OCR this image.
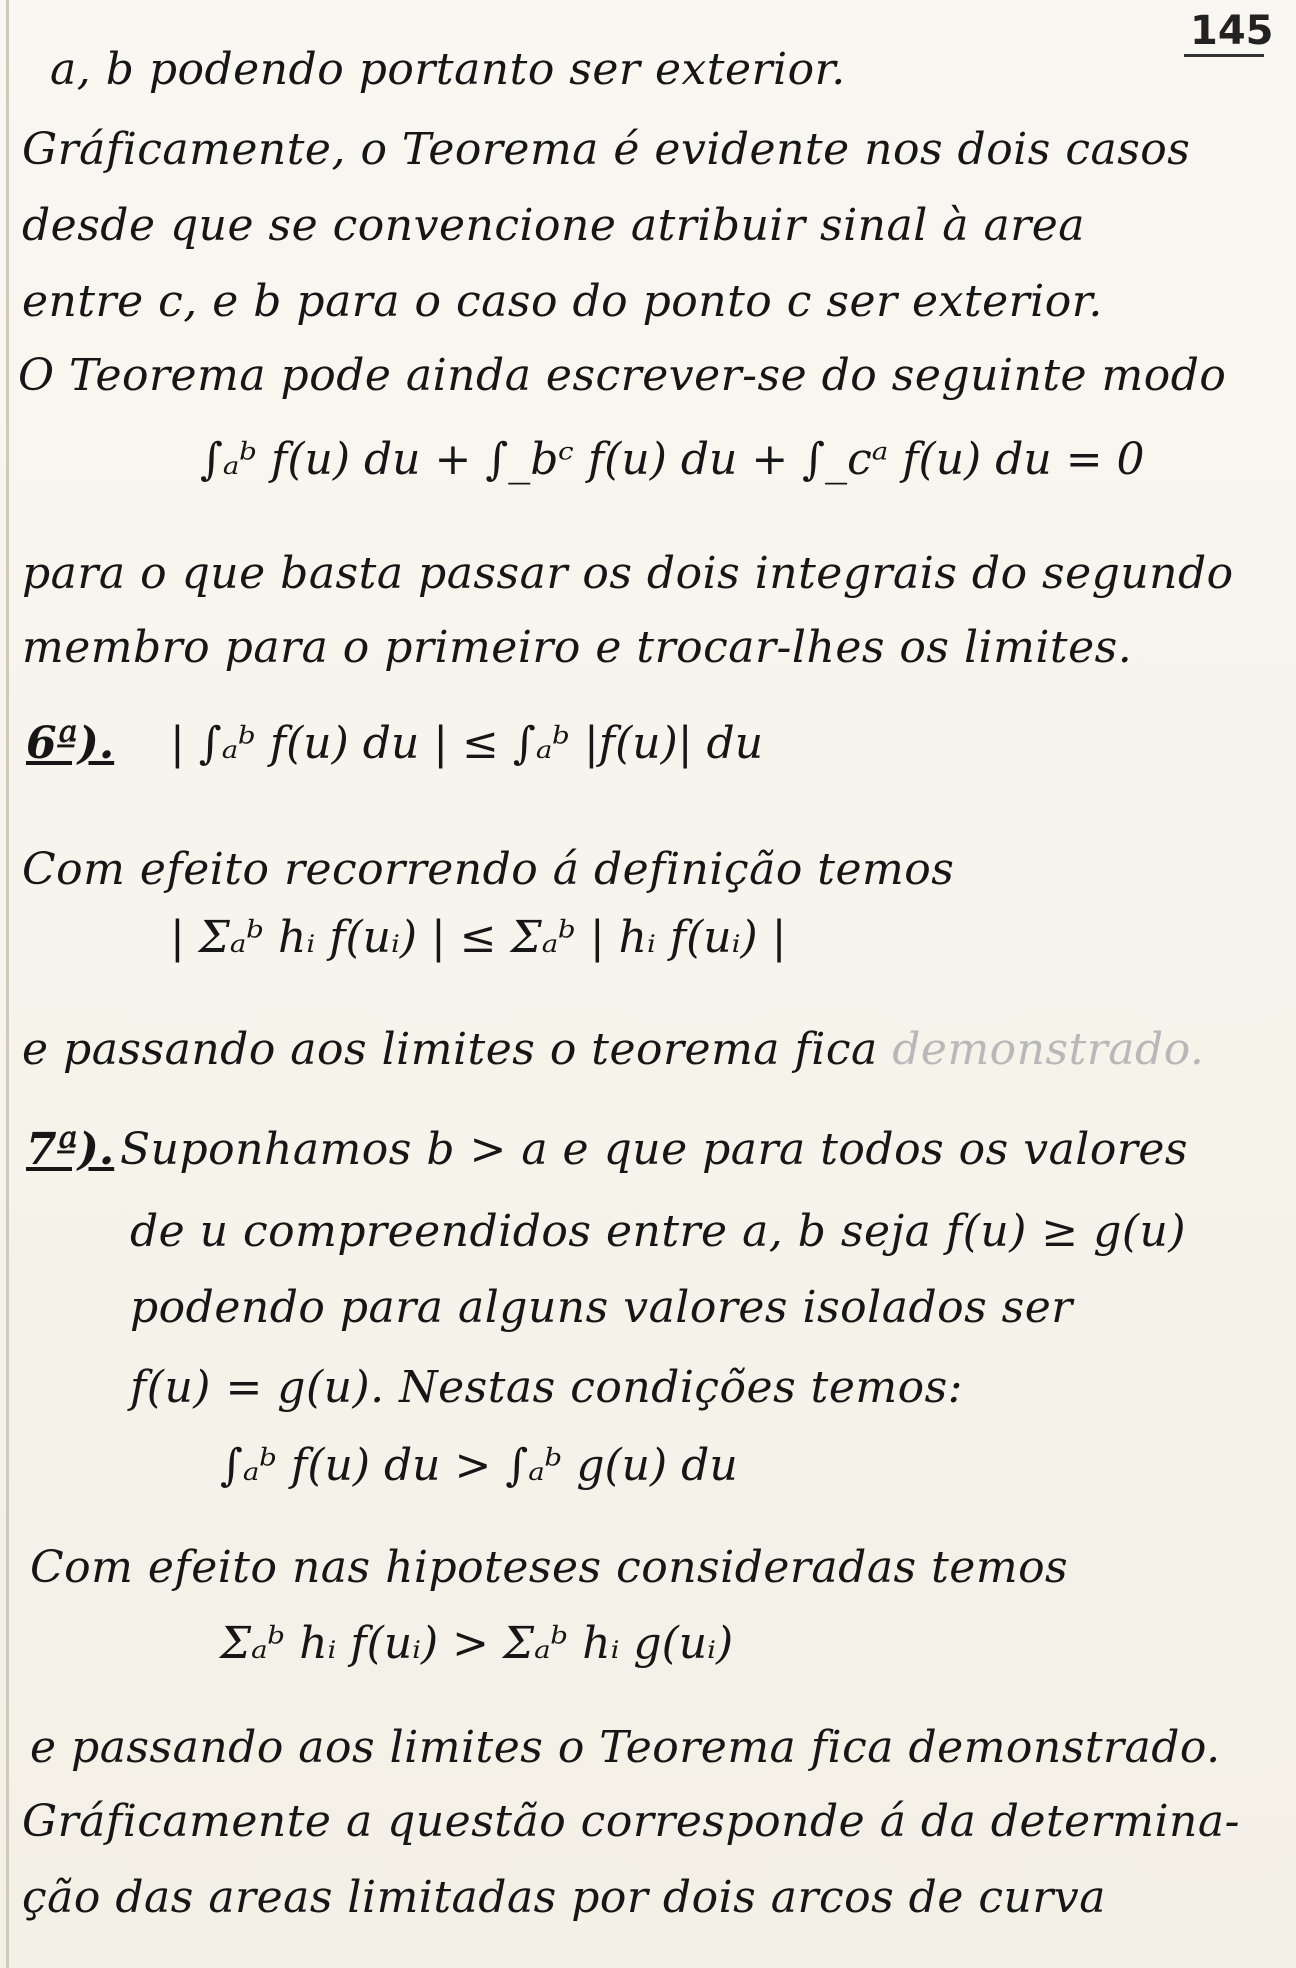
145
a, b podendo portanto ser exterior.
Gráficamente, o Teorema é evidente nos dois casos
desde que se convencione atribuir sinal à area
entre c, e b para o caso do ponto c ser exterior.
O Teorema pode ainda escrever-se do seguinte modo
∫ₐᵇ f(u) du + ∫_bᶜ f(u) du + ∫_cᵃ f(u) du = 0
para o que basta passar os dois integrais do segundo
membro para o primeiro e trocar-lhes os limites.
6ª). | ∫ₐᵇ f(u) du | ≤ ∫ₐᵇ |f(u)| du
Com efeito recorrendo á definição temos
| Σₐᵇ hᵢ f(uᵢ) | ≤ Σₐᵇ | hᵢ f(uᵢ) |
e passando aos limites o teorema fica demonstrado.
7ª). Suponhamos b > a e que para todos os valores
de u compreendidos entre a, b seja f(u) ≥ g(u)
podendo para alguns valores isolados ser
f(u) = g(u). Nestas condições temos:
∫ₐᵇ f(u) du > ∫ₐᵇ g(u) du
Com efeito nas hipoteses consideradas temos
Σₐᵇ hᵢ f(uᵢ) > Σₐᵇ hᵢ g(uᵢ)
e passando aos limites o Teorema fica demonstrado.
Gráficamente a questão corresponde á da determina-
ção das areas limitadas por dois arcos de curva
